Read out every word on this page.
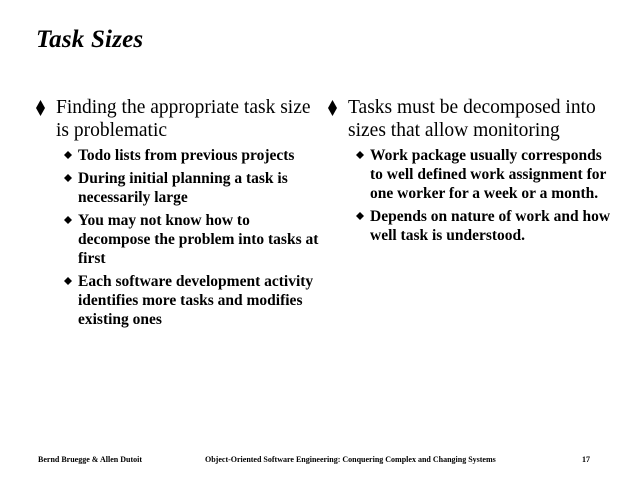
Task Sizes
Finding the appropriate task size is problematic
Todo lists from previous projects
During initial planning a task is necessarily large
You may not know how to decompose the problem into tasks at first
Each software development activity identifies more tasks and modifies existing ones
Tasks must be decomposed into sizes that allow monitoring
Work package usually corresponds to well defined work assignment for one worker for a week or a month.
Depends on nature of work and how well task is understood.
Bernd Bruegge & Allen Dutoit	Object-Oriented Software Engineering: Conquering Complex and Changing Systems	17
